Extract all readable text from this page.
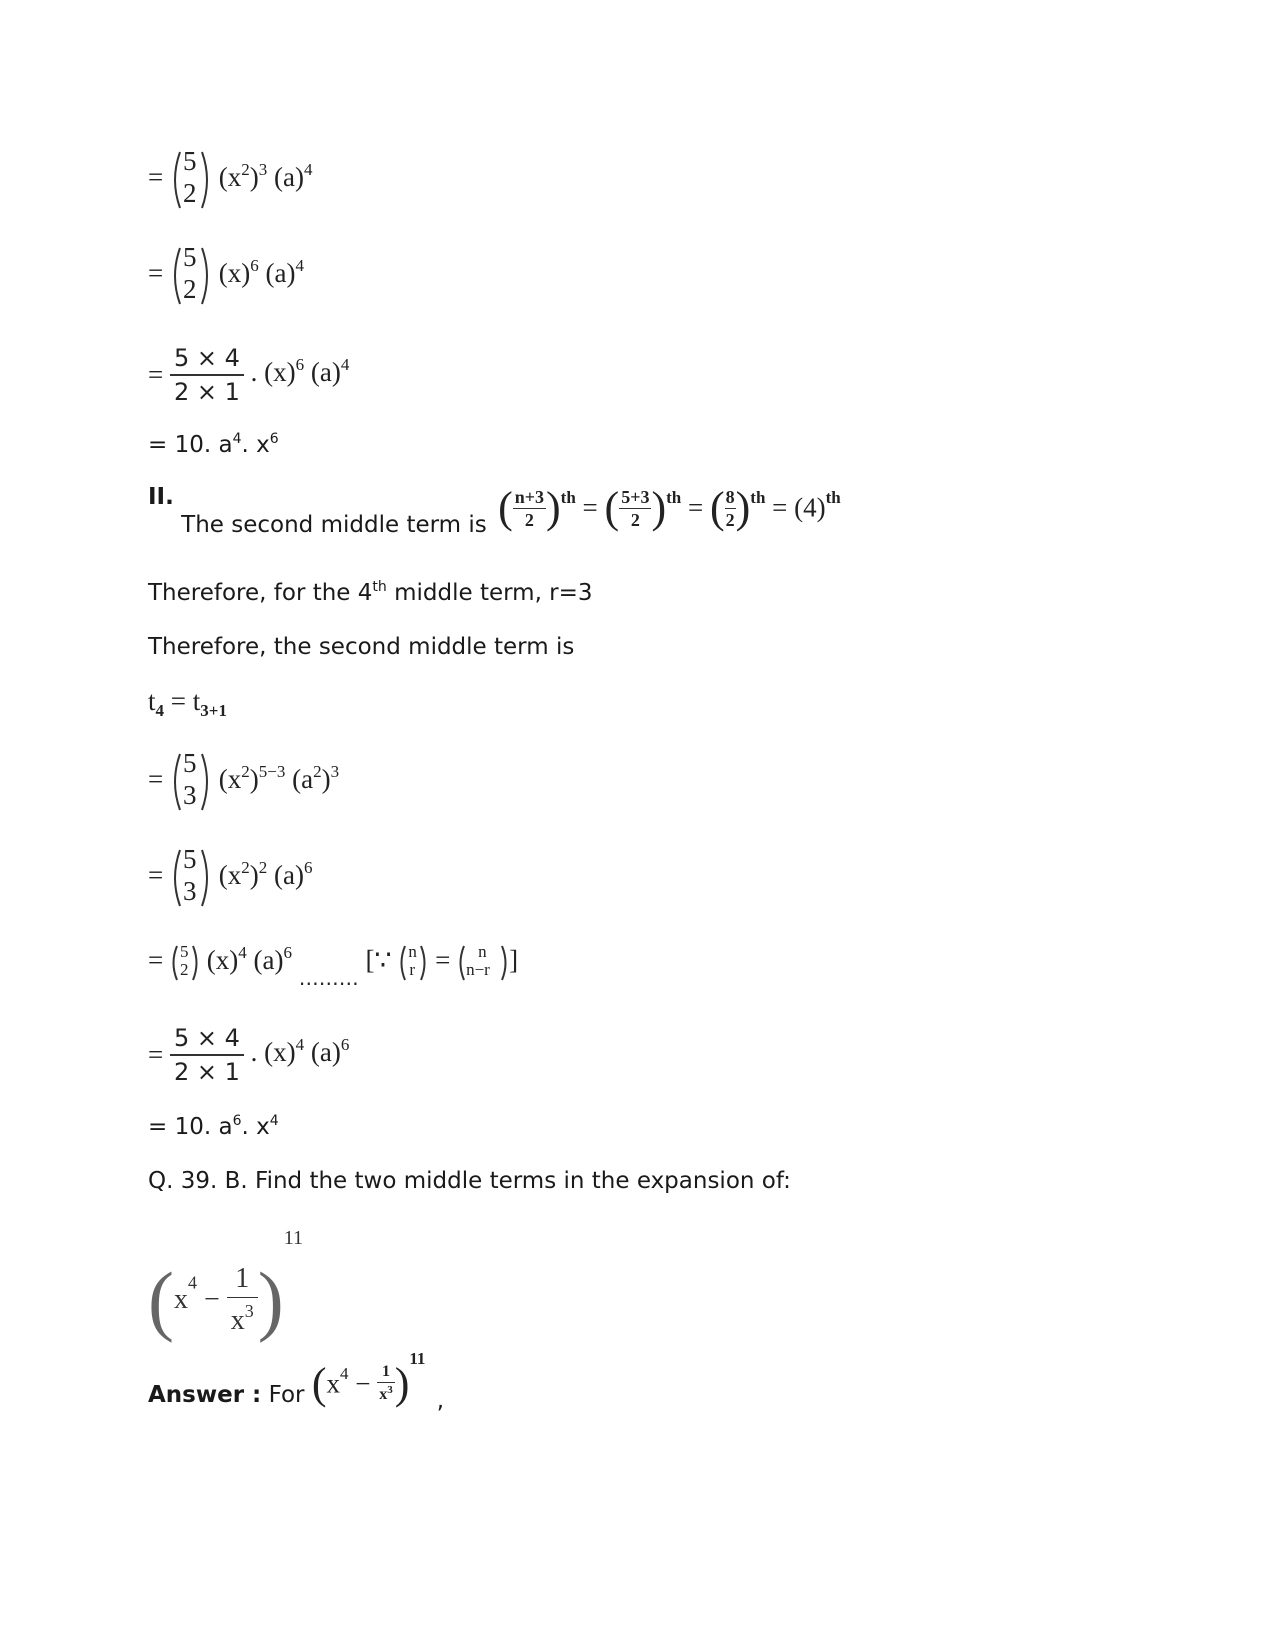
=
5
2
$(x^2)^3$ $(a)^4$
=
5
2
$(x)^6$ $(a)^4$
= $\frac{5 \times 4}{2 \times 1}$ . $(x)^6$ $(a)^4$
= 10. $a^4$. $x^6$
II. The second middle term is ( $\frac{n+3}{2} )^{th}$ = ( $\frac{5+3}{2} )^{th}$ = ( $\frac{8}{2} )^{th} = (4)^{th}$
Therefore, for the 4th middle term, r=3
Therefore, the second middle term is
$t_4 = t_{3+1}$
=
5
3
$(x^2)^{5-3}$ $(a^2)^3$
=
5
3
$(x^2)^2$ $(a)^6$
= 5
2 $(x)^4$ $(a)^6$ $_{\dots\dots\dots}$ [∵ n
r = n
n−r ]
= $\frac{5 \times 4}{2 \times 1}$ . $(x)^4$ $(a)^6$
= 10. $a^6$. $x^4$
Q. 39. B. Find the two middle terms in the expansion of:
$(x^4 - \frac{1}{x^3} )^{11}$
Answer : For $(x^4 - \frac{1}{x^3} )^{11}$ ,
